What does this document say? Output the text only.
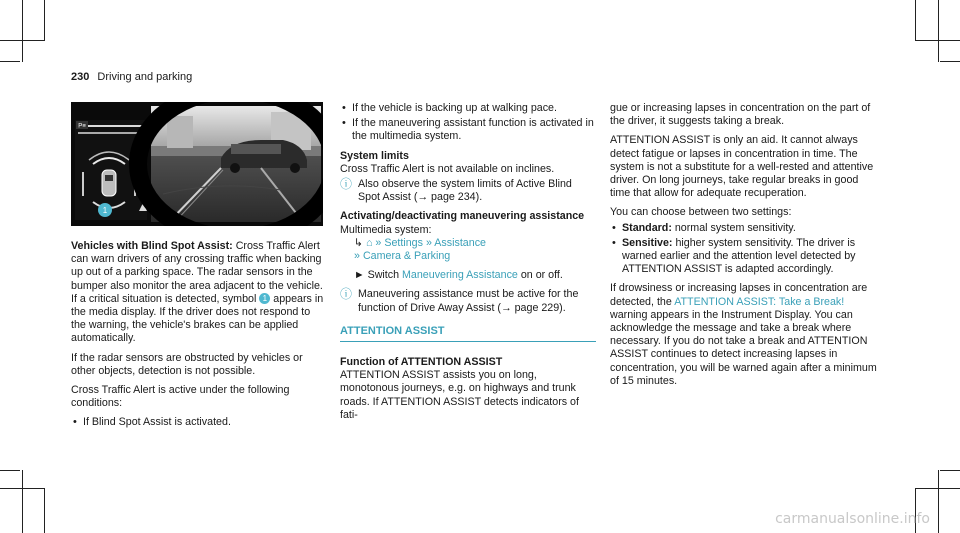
230 Driving and parking
1
P≡

Vehicles with Blind Spot Assist: Cross Traffic Alert can warn drivers of any crossing traffic when backing up out of a parking space. The radar sensors in the bumper also monitor the area adjacent to the vehicle. If a critical situation is detected, symbol 1 appears in the media display. If the driver does not respond to the warning, the vehicle's brakes can be applied automatically.

If the radar sensors are obstructed by vehicles or other objects, detection is not possible.

Cross Traffic Alert is active under the following conditions:

• If Blind Spot Assist is activated.
• If the vehicle is backing up at walking pace.
• If the maneuvering assistant function is activated in the multimedia system.
System limits

Cross Traffic Alert is not available on inclines.

ⓘ Also observe the system limits of Active Blind Spot Assist (→ page 234).
Activating/deactivating maneuvering assistance
Multimedia system:
↳ ⌂ » Settings » Assistance
» Camera & Parking

► Switch Maneuvering Assistance on or off.

ⓘ Maneuvering assistance must be active for the function of Drive Away Assist (→ page 229).
ATTENTION ASSIST
Function of ATTENTION ASSIST

ATTENTION ASSIST assists you on long, monotonous journeys, e.g. on highways and trunk roads. If ATTENTION ASSIST detects indicators of fati-

gue or increasing lapses in concentration on the part of the driver, it suggests taking a break.

ATTENTION ASSIST is only an aid. It cannot always detect fatigue or lapses in concentration in time. The system is not a substitute for a well-rested and attentive driver. On long journeys, take regular breaks in good time that allow for adequate recuperation.

You can choose between two settings:

• Standard: normal system sensitivity.
• Sensitive: higher system sensitivity. The driver is warned earlier and the attention level detected by ATTENTION ASSIST is adapted accordingly.

If drowsiness or increasing lapses in concentration are detected, the ATTENTION ASSIST: Take a Break! warning appears in the Instrument Display. You can acknowledge the message and take a break where necessary. If you do not take a break and ATTENTION ASSIST continues to detect increasing lapses in concentration, you will be warned again after a minimum of 15 minutes.

carmanualsonline.info
